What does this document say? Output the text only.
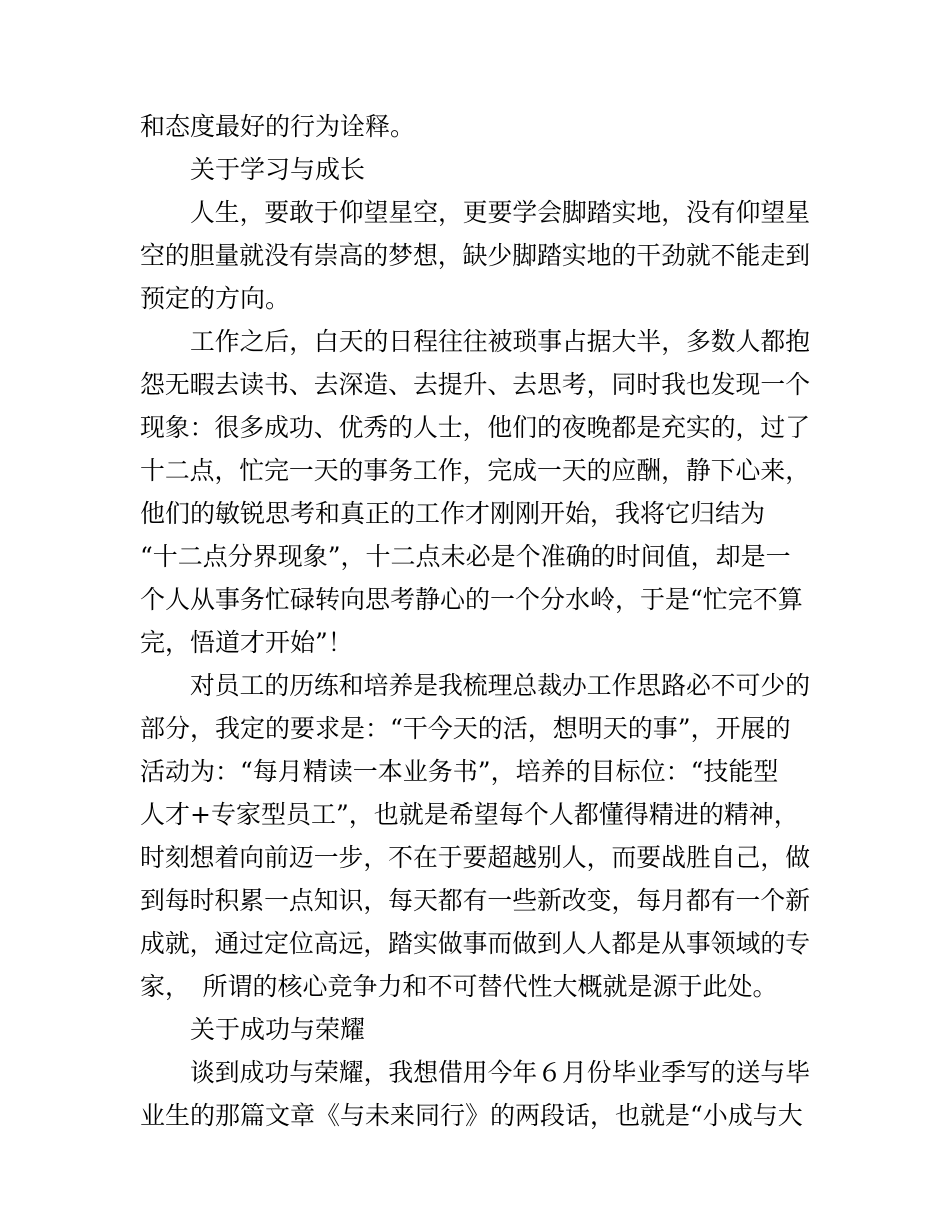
和态度最好的行为诠释。
关于学习与成长
人生，要敢于仰望星空，更要学会脚踏实地，没有仰望星
空的胆量就没有崇高的梦想，缺少脚踏实地的干劲就不能走到
预定的方向。
工作之后，白天的日程往往被琐事占据大半，多数人都抱
怨无暇去读书、去深造、去提升、去思考，同时我也发现一个
现象：很多成功、优秀的人士，他们的夜晚都是充实的，过了
十二点，忙完一天的事务工作，完成一天的应酬，静下心来，
他们的敏锐思考和真正的工作才刚刚开始，我将它归结为
“十二点分界现象”，十二点未必是个准确的时间值，却是一
个人从事务忙碌转向思考静心的一个分水岭，于是“忙完不算
完，悟道才开始”！
对员工的历练和培养是我梳理总裁办工作思路必不可少的
部分，我定的要求是：“干今天的活，想明天的事”，开展的
活动为：“每月精读一本业务书”，培养的目标位：“技能型
人才+专家型员工”，也就是希望每个人都懂得精进的精神，
时刻想着向前迈一步，不在于要超越别人，而要战胜自己，做
到每时积累一点知识，每天都有一些新改变，每月都有一个新
成就，通过定位高远，踏实做事而做到人人都是从事领域的专
家，　所谓的核心竞争力和不可替代性大概就是源于此处。
关于成功与荣耀
谈到成功与荣耀，我想借用今年６月份毕业季写的送与毕
业生的那篇文章《与未来同行》的两段话，也就是“小成与大
